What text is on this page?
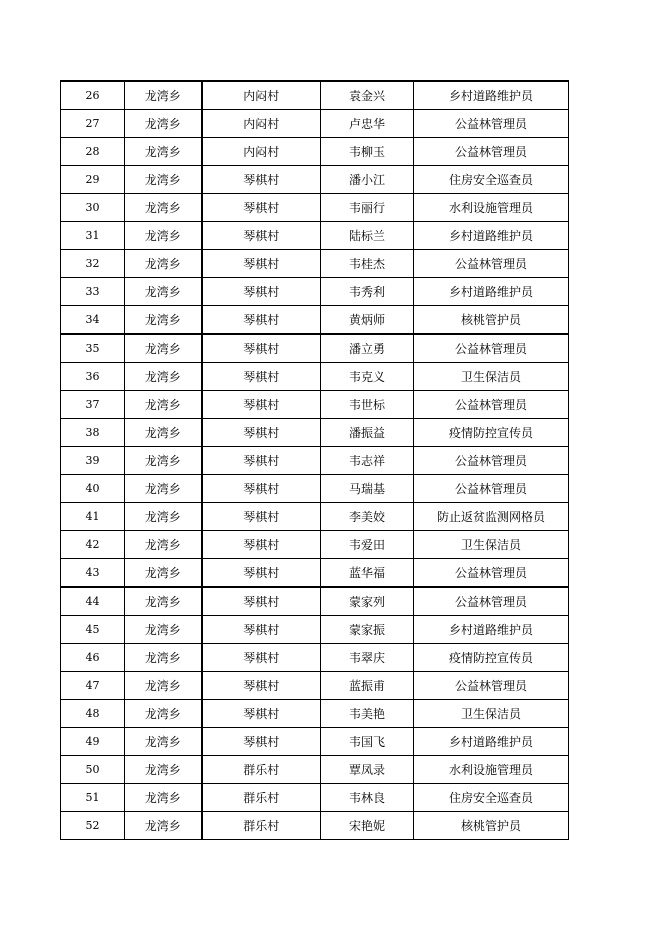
26	龙湾乡	内闷村	袁金兴	乡村道路维护员
27	龙湾乡	内闷村	卢忠华	公益林管理员
28	龙湾乡	内闷村	韦柳玉	公益林管理员
29	龙湾乡	琴棋村	潘小江	住房安全巡查员
30	龙湾乡	琴棋村	韦丽行	水利设施管理员
31	龙湾乡	琴棋村	陆标兰	乡村道路维护员
32	龙湾乡	琴棋村	韦桂杰	公益林管理员
33	龙湾乡	琴棋村	韦秀利	乡村道路维护员
34	龙湾乡	琴棋村	黄炳师	核桃管护员
35	龙湾乡	琴棋村	潘立勇	公益林管理员
36	龙湾乡	琴棋村	韦克义	卫生保洁员
37	龙湾乡	琴棋村	韦世标	公益林管理员
38	龙湾乡	琴棋村	潘振益	疫情防控宣传员
39	龙湾乡	琴棋村	韦志祥	公益林管理员
40	龙湾乡	琴棋村	马瑞基	公益林管理员
41	龙湾乡	琴棋村	李美姣	防止返贫监测网格员
42	龙湾乡	琴棋村	韦爱田	卫生保洁员
43	龙湾乡	琴棋村	蓝华福	公益林管理员
44	龙湾乡	琴棋村	蒙家列	公益林管理员
45	龙湾乡	琴棋村	蒙家振	乡村道路维护员
46	龙湾乡	琴棋村	韦翠庆	疫情防控宣传员
47	龙湾乡	琴棋村	蓝振甫	公益林管理员
48	龙湾乡	琴棋村	韦美艳	卫生保洁员
49	龙湾乡	琴棋村	韦国飞	乡村道路维护员
50	龙湾乡	群乐村	覃凤录	水利设施管理员
51	龙湾乡	群乐村	韦林良	住房安全巡查员
52	龙湾乡	群乐村	宋艳妮	核桃管护员
